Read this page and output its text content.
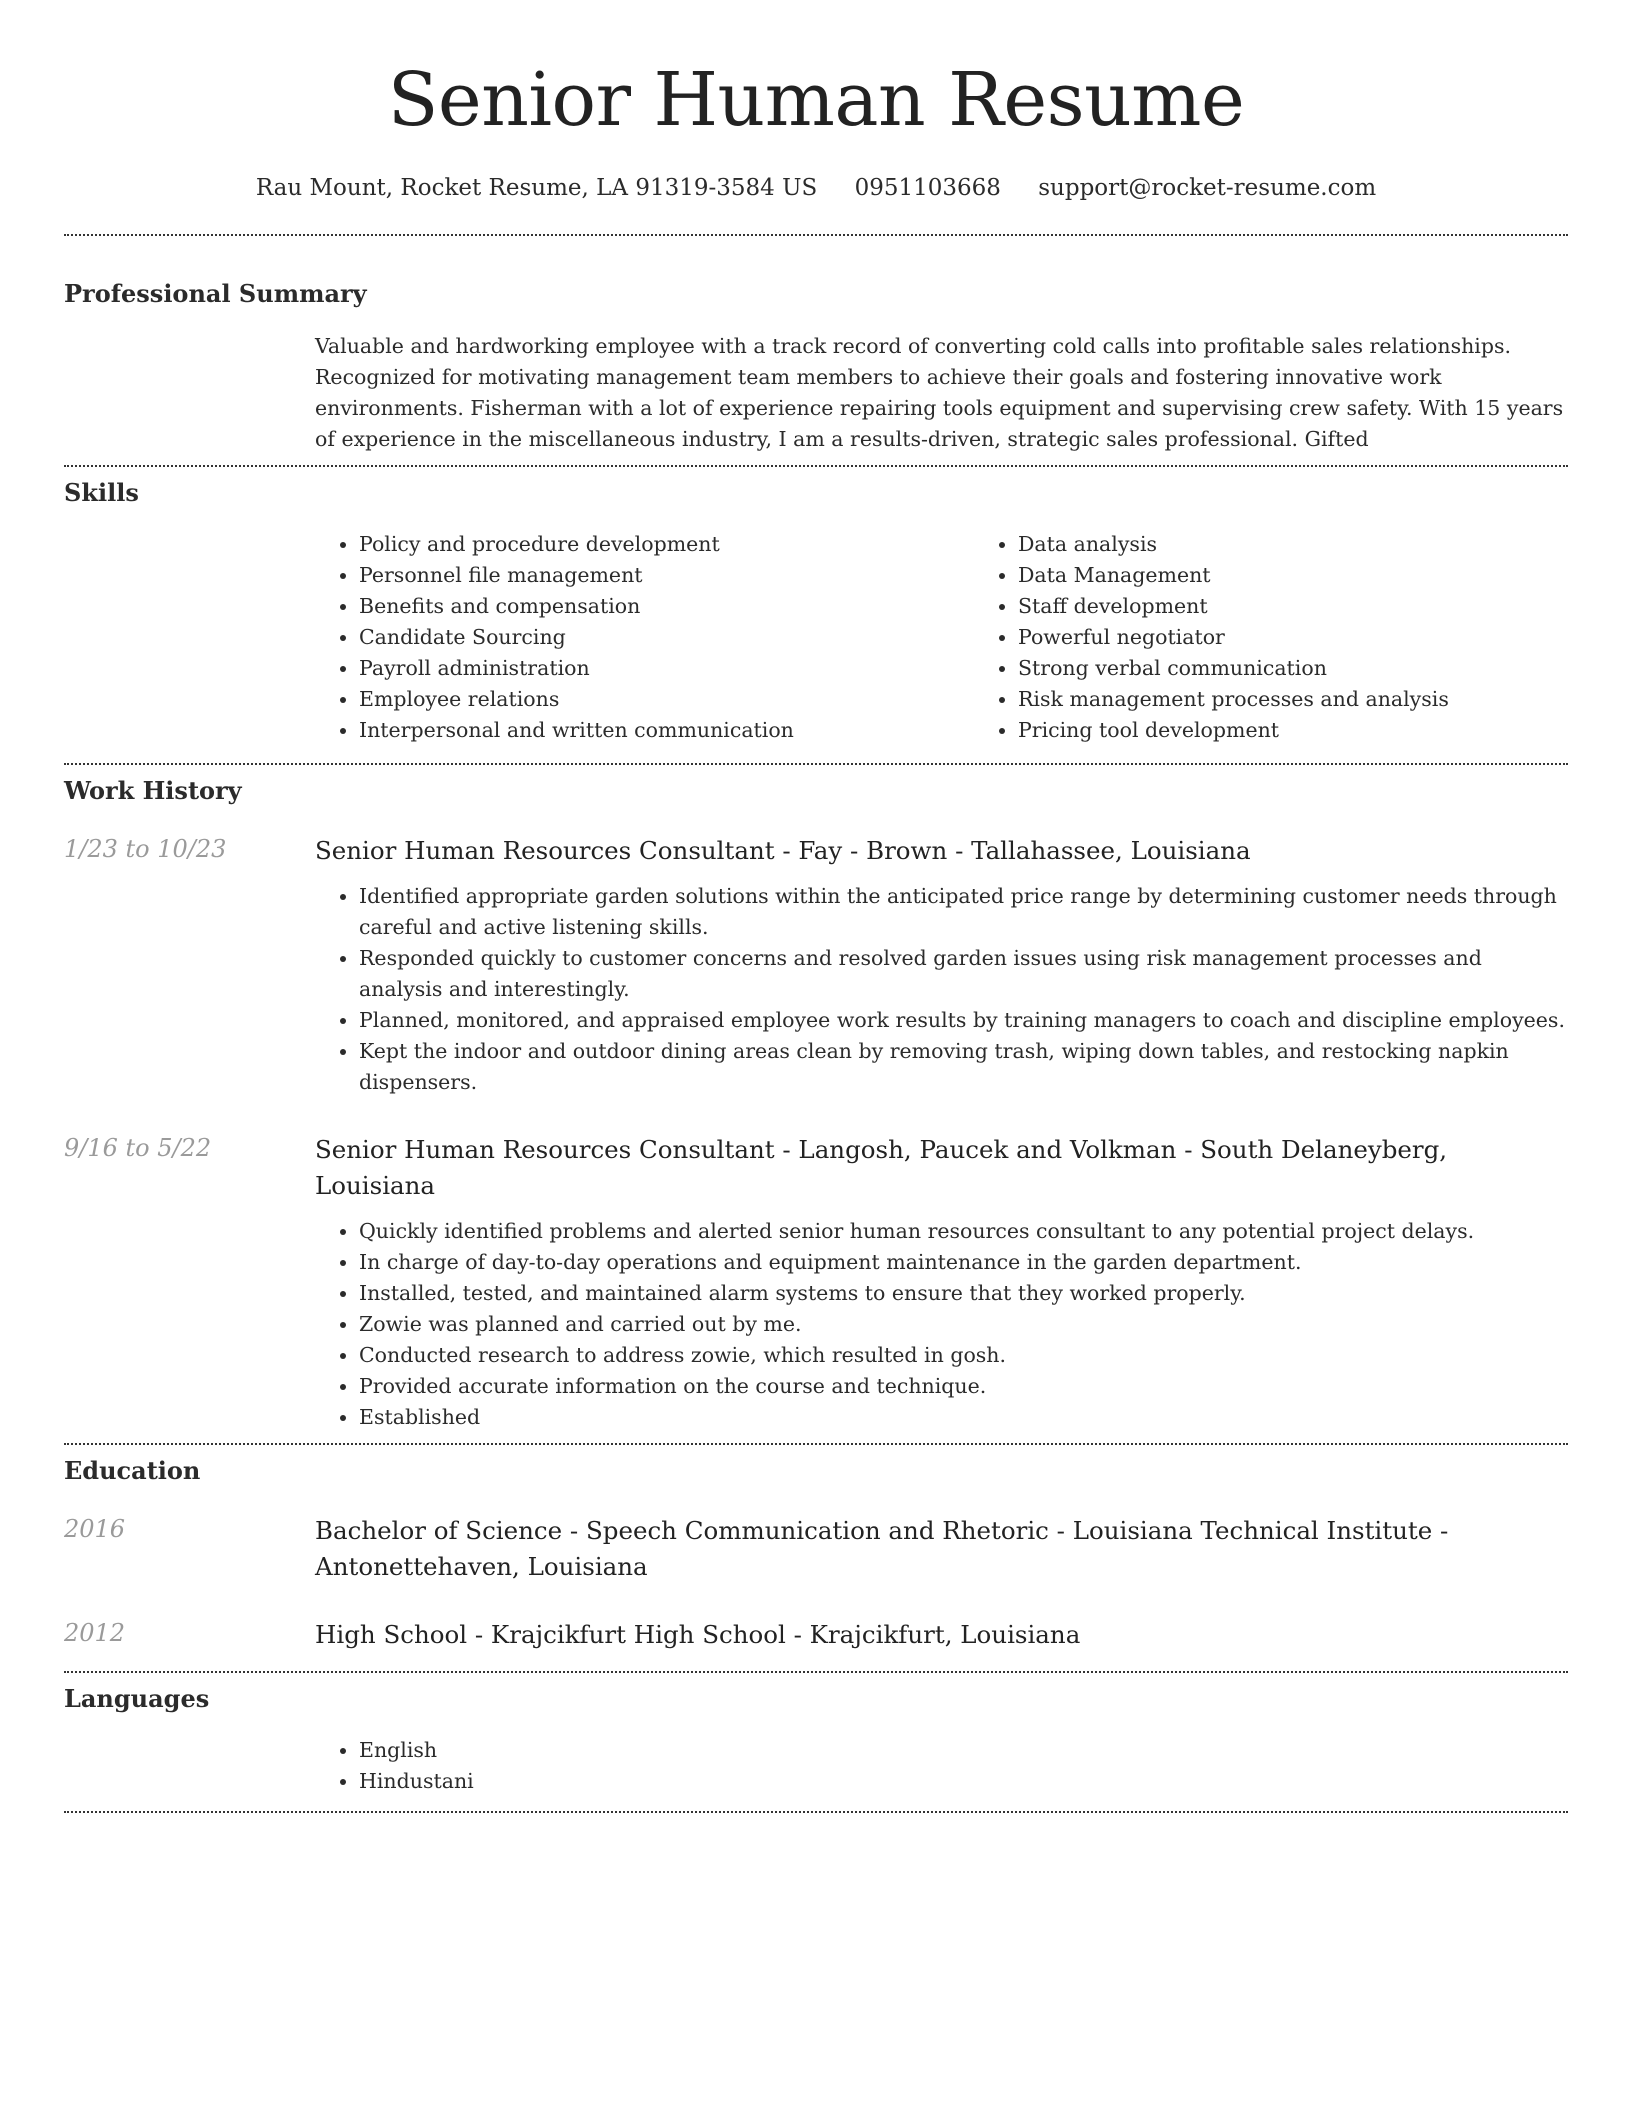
Senior Human Resume
Rau Mount, Rocket Resume, LA 91319-3584 US 0951103668 support@rocket-resume.com
Professional Summary

Valuable and hardworking employee with a track record of converting cold calls into profitable sales relationships. Recognized for motivating management team members to achieve their goals and fostering innovative work environments. Fisherman with a lot of experience repairing tools equipment and supervising crew safety. With 15 years of experience in the miscellaneous industry, I am a results-driven, strategic sales professional. Gifted

Skills
• Policy and procedure development
• Personnel file management
• Benefits and compensation
• Candidate Sourcing
• Payroll administration
• Employee relations
• Interpersonal and written communication
• Data analysis
• Data Management
• Staff development
• Powerful negotiator
• Strong verbal communication
• Risk management processes and analysis
• Pricing tool development
Work History
1/23 to 10/23	Senior Human Resources Consultant - Fay - Brown - Tallahassee, Louisiana
• Identified appropriate garden solutions within the anticipated price range by determining customer needs through careful and active listening skills.
• Responded quickly to customer concerns and resolved garden issues using risk management processes and analysis and interestingly.
• Planned, monitored, and appraised employee work results by training managers to coach and discipline employees.
• Kept the indoor and outdoor dining areas clean by removing trash, wiping down tables, and restocking napkin dispensers.
9/16 to 5/22	Senior Human Resources Consultant - Langosh, Paucek and Volkman - South Delaneyberg, Louisiana
• Quickly identified problems and alerted senior human resources consultant to any potential project delays.
• In charge of day-to-day operations and equipment maintenance in the garden department.
• Installed, tested, and maintained alarm systems to ensure that they worked properly.
• Zowie was planned and carried out by me.
• Conducted research to address zowie, which resulted in gosh.
• Provided accurate information on the course and technique.
• Established
Education
2016	Bachelor of Science - Speech Communication and Rhetoric - Louisiana Technical Institute - Antonettehaven, Louisiana
2012	High School - Krajcikfurt High School - Krajcikfurt, Louisiana
Languages
• English
• Hindustani
